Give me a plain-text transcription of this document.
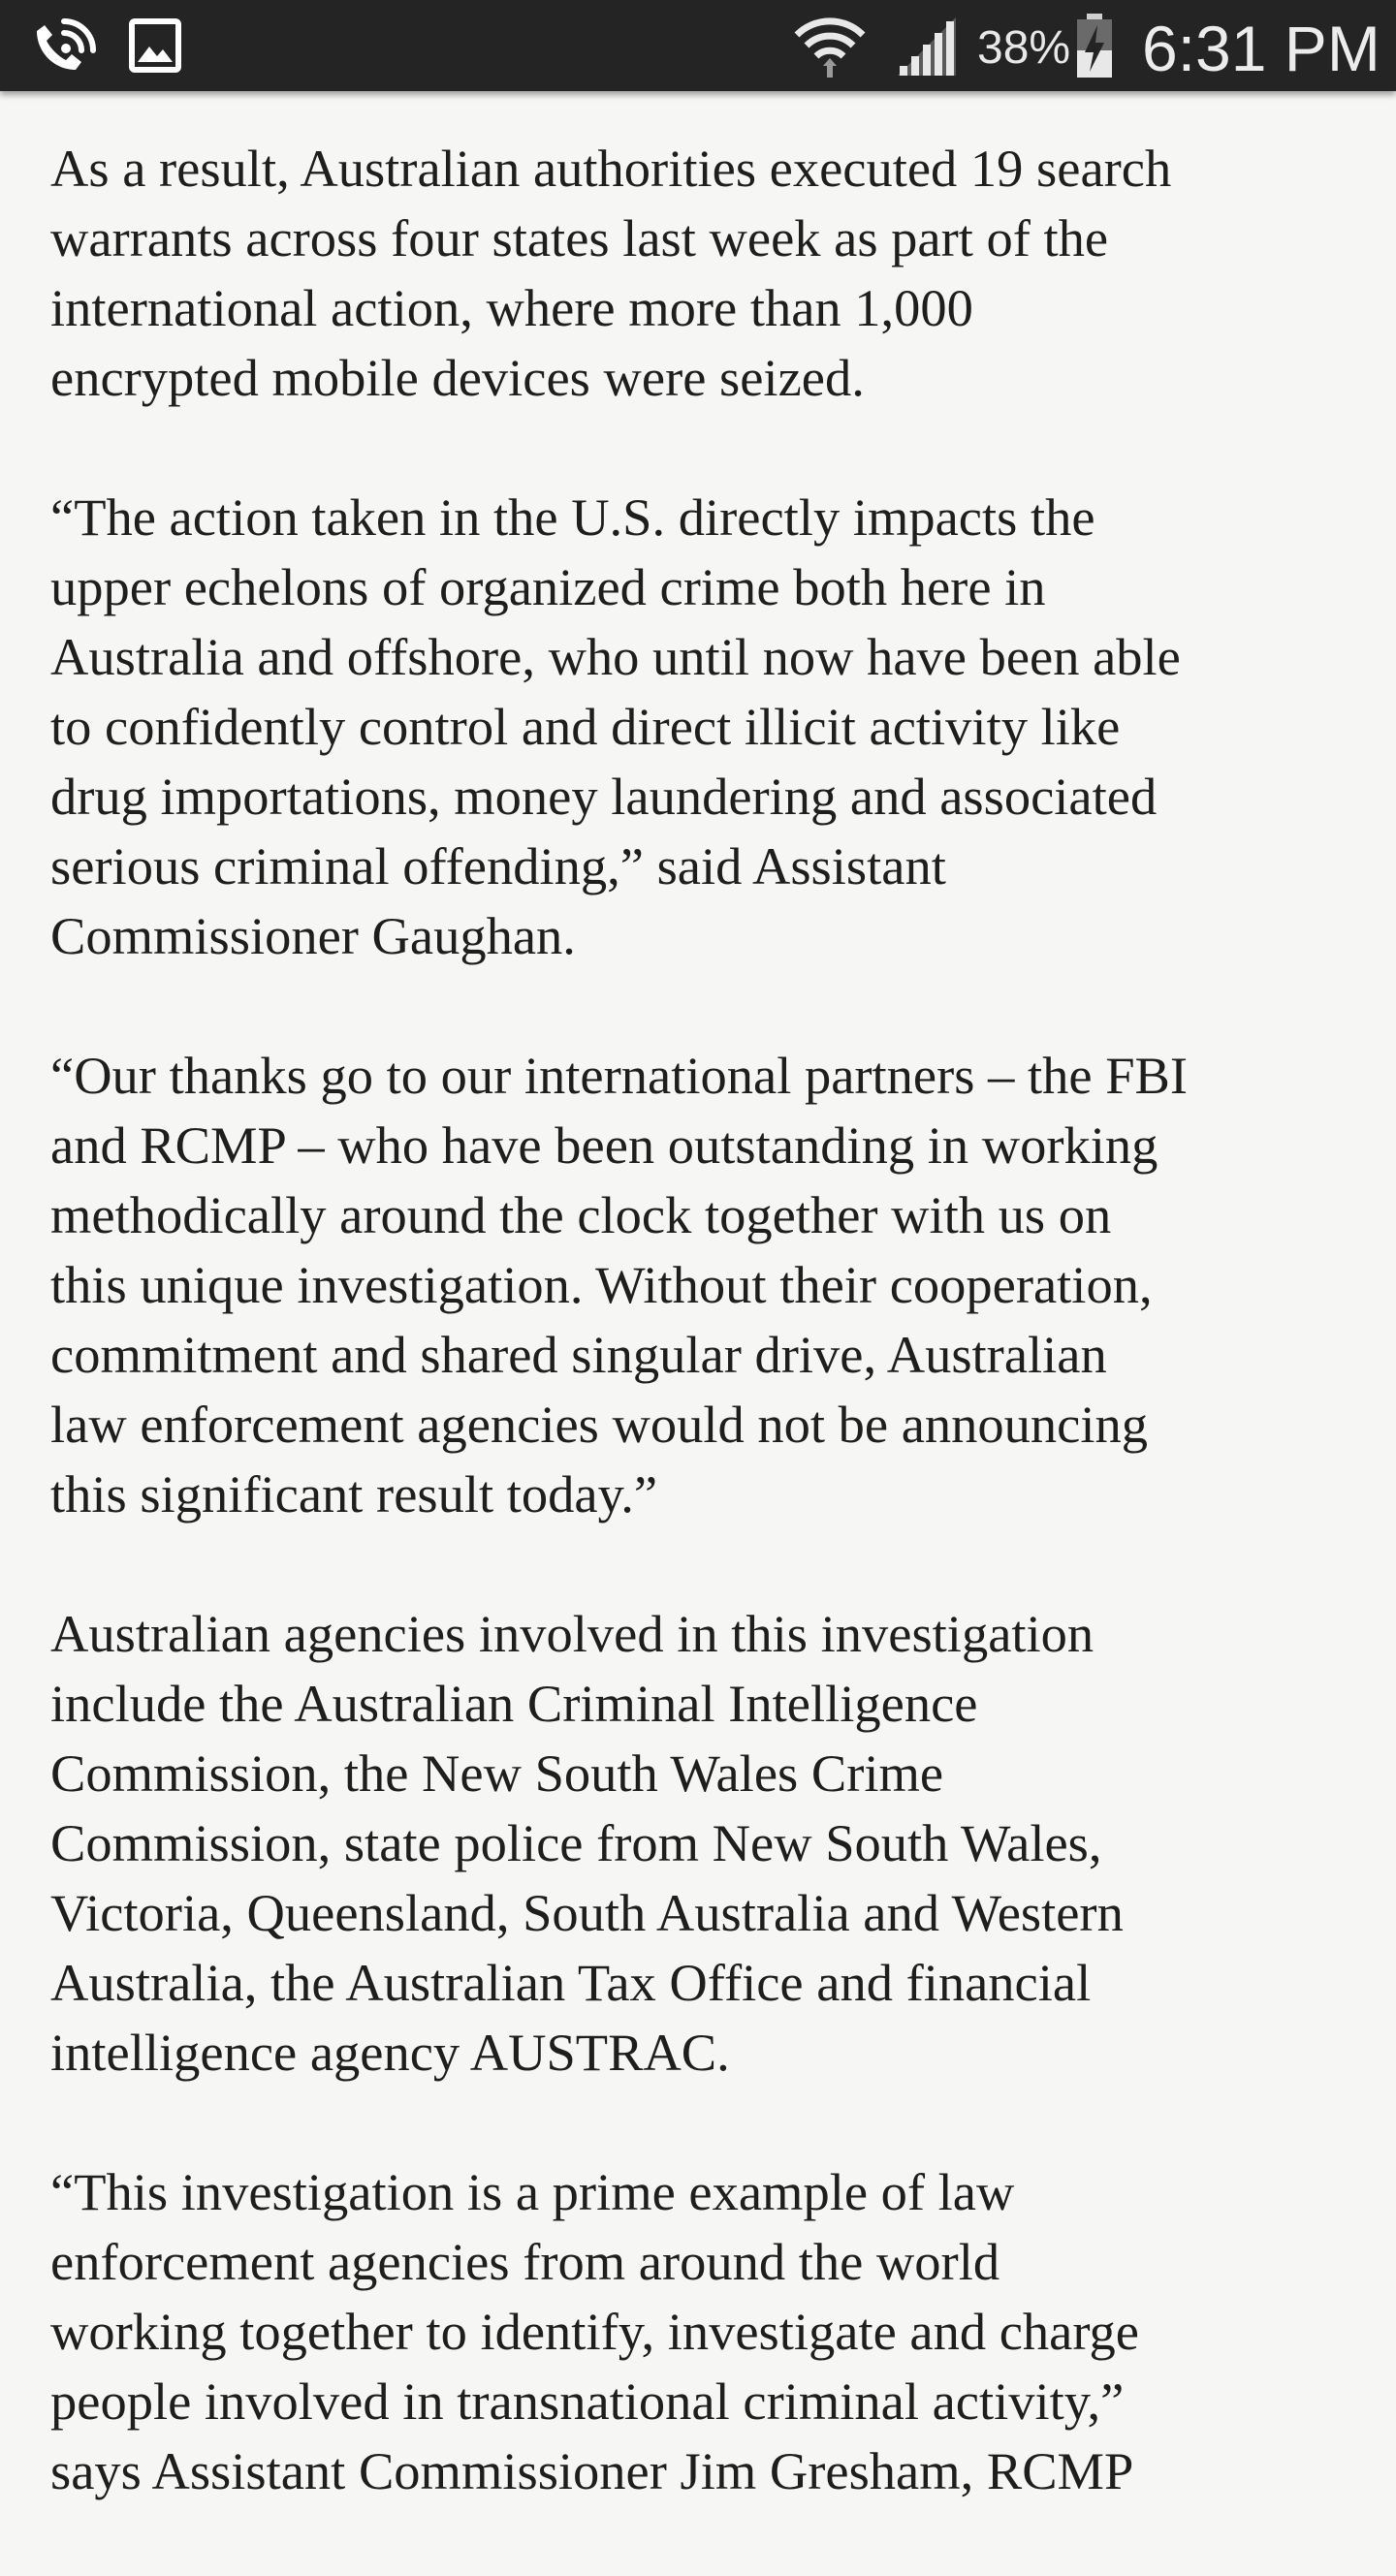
38% 6:31 PM

As a result, Australian authorities executed 19 search
warrants across four states last week as part of the
international action, where more than 1,000
encrypted mobile devices were seized.

“The action taken in the U.S. directly impacts the
upper echelons of organized crime both here in
Australia and offshore, who until now have been able
to confidently control and direct illicit activity like
drug importations, money laundering and associated
serious criminal offending,” said Assistant
Commissioner Gaughan.

“Our thanks go to our international partners – the FBI
and RCMP – who have been outstanding in working
methodically around the clock together with us on
this unique investigation. Without their cooperation,
commitment and shared singular drive, Australian
law enforcement agencies would not be announcing
this significant result today.”

Australian agencies involved in this investigation
include the Australian Criminal Intelligence
Commission, the New South Wales Crime
Commission, state police from New South Wales,
Victoria, Queensland, South Australia and Western
Australia, the Australian Tax Office and financial
intelligence agency AUSTRAC.

“This investigation is a prime example of law
enforcement agencies from around the world
working together to identify, investigate and charge
people involved in transnational criminal activity,”
says Assistant Commissioner Jim Gresham, RCMP
